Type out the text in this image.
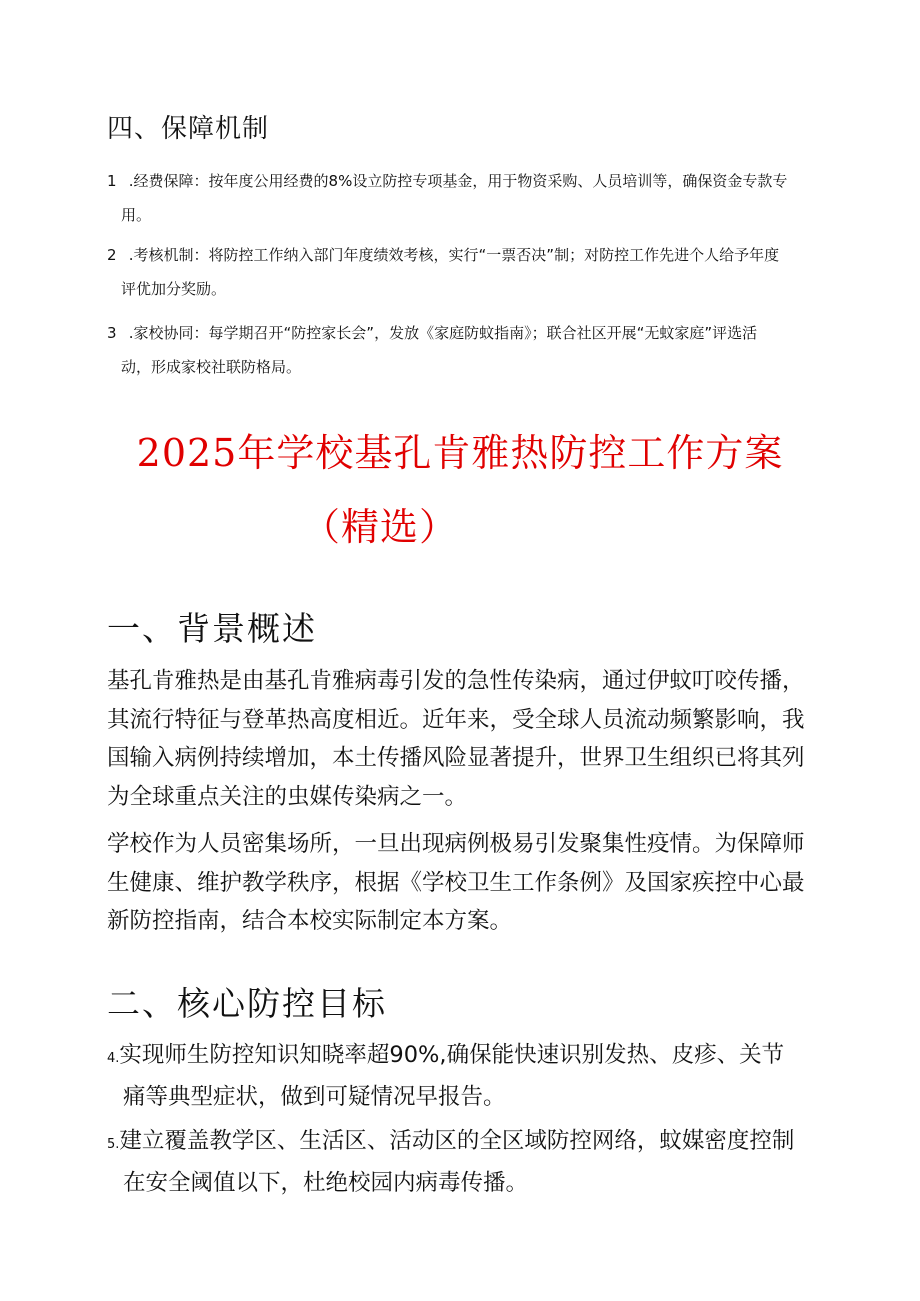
四、保障机制
1 .经费保障：按年度公用经费的8%设立防控专项基金，用于物资采购、人员培训等，确保资金专款专
用。
2 .考核机制：将防控工作纳入部门年度绩效考核，实行“一票否决”制；对防控工作先进个人给予年度
评优加分奖励。
3 .家校协同：每学期召开“防控家长会”，发放《家庭防蚊指南》；联合社区开展“无蚊家庭”评选活
动，形成家校社联防格局。
2025年学校基孔肯雅热防控工作方案
（精选）
一、背景概述
基孔肯雅热是由基孔肯雅病毒引发的急性传染病，通过伊蚊叮咬传播，
其流行特征与登革热高度相近。近年来，受全球人员流动频繁影响，我
国输入病例持续增加，本土传播风险显著提升，世界卫生组织已将其列
为全球重点关注的虫媒传染病之一。
学校作为人员密集场所，一旦出现病例极易引发聚集性疫情。为保障师
生健康、维护教学秩序，根据《学校卫生工作条例》及国家疾控中心最
新防控指南，结合本校实际制定本方案。
二、核心防控目标
4.实现师生防控知识知晓率超90%,确保能快速识别发热、皮疹、关节
痛等典型症状，做到可疑情况早报告。
5.建立覆盖教学区、生活区、活动区的全区域防控网络，蚊媒密度控制
在安全阈值以下，杜绝校园内病毒传播。
